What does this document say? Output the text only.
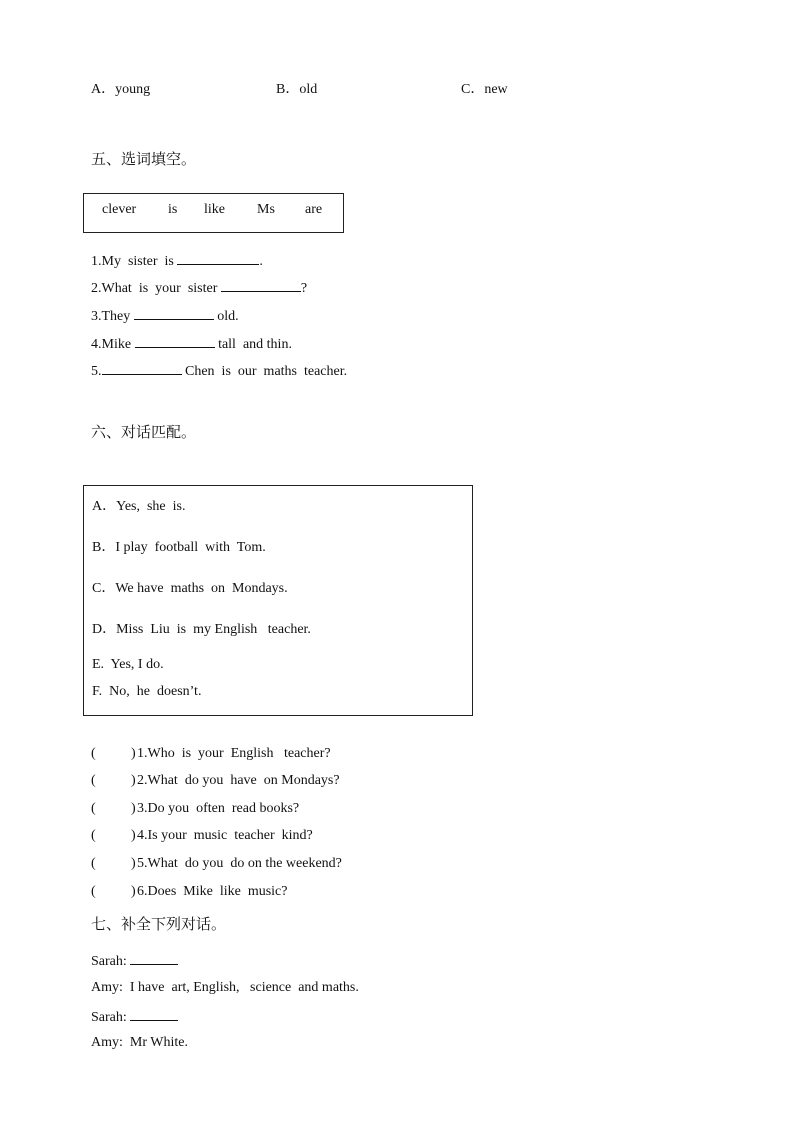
A．young	B．old	C．new
五、选词填空。
clever is like Ms are
1.My  sister  is	.
2.What  is  your  sister	?
3.They	old.
4.Mike	tall  and thin.
5.	Chen  is  our  maths  teacher.
六、对话匹配。
A．Yes,  she  is.
B．I play  football  with  Tom.
C．We have  maths  on  Mondays.
D．Miss  Liu  is  my English   teacher.
E.  Yes, I do.
F.  No,  he  doesn’t.
(	) 1.Who  is  your  English   teacher?
(	) 2.What  do you  have  on Mondays?
(	) 3.Do you  often  read books?
(	) 4.Is your  music  teacher  kind?
(	) 5.What  do you  do on the weekend?
(	) 6.Does  Mike  like  music?
七、补全下列对话。
Sarah:
Amy:  I have  art, English,   science  and maths.
Sarah:
Amy:  Mr White.
